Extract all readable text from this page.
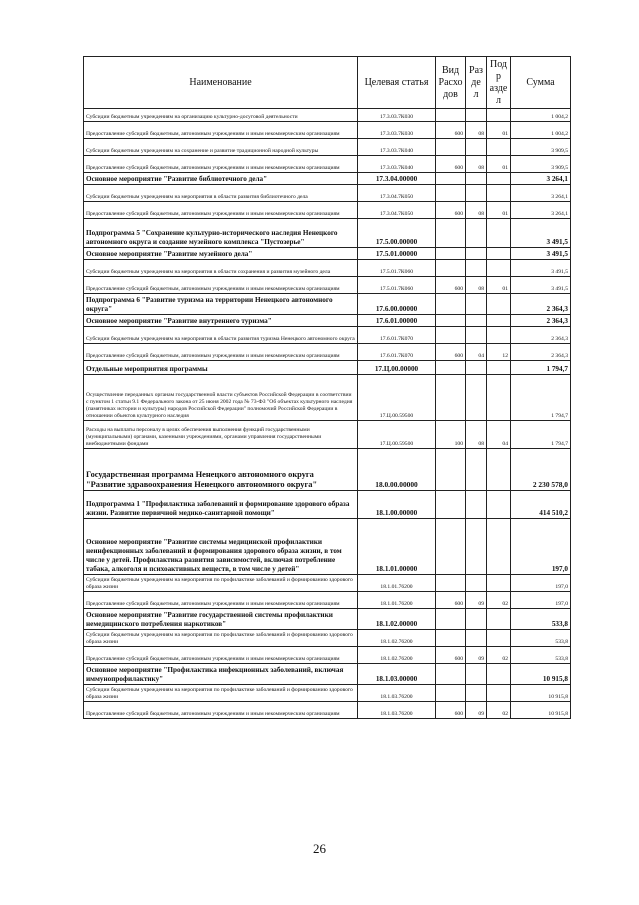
Наименование	Целевая статья	Вид Расхо дов	Разде л	Подр аздел	Сумма
Субсидии бюджетным учреждениям на организацию культурно-досуговой деятельности	17.3.03.7К030				1 004,2
Предоставление субсидий бюджетным, автономным учреждениям и иным некоммерческим организациям	17.3.03.7К030	600	08	01	1 004,2
Субсидии бюджетным учреждениям на сохранение и развитие традиционной народной культуры	17.3.03.7К040				3 909,5
Предоставление субсидий бюджетным, автономным учреждениям и иным некоммерческим организациям	17.3.03.7К040	600	08	01	3 909,5
Основное мероприятие "Развитие библиотечного дела"	17.3.04.00000				3 264,1
Субсидии бюджетным учреждениям на мероприятия в области развития библиотечного дела	17.3.04.7К050				3 264,1
Предоставление субсидий бюджетным, автономным учреждениям и иным некоммерческим организациям	17.3.04.7К050	600	08	01	3 264,1
Подпрограмма 5 "Сохранение культурно-исторического наследия Ненецкого автономного округа и создание музейного комплекса "Пустозерье"	17.5.00.00000				3 491,5
Основное мероприятие "Развитие музейного дела"	17.5.01.00000				3 491,5
Субсидии бюджетным учреждениям на мероприятия в области сохранения и развития музейного дела	17.5.01.7К060				3 491,5
Предоставление субсидий бюджетным, автономным учреждениям и иным некоммерческим организациям	17.5.01.7К060	600	08	01	3 491,5
Подпрограмма 6 "Развитие туризма на территории Ненецкого автономного округа"	17.6.00.00000				2 364,3
Основное мероприятие "Развитие внутреннего туризма"	17.6.01.00000				2 364,3
Субсидии бюджетным учреждениям на мероприятия в области развития туризма Ненецкого автономного округа	17.6.01.7К070				2 364,3
Предоставление субсидий бюджетным, автономным учреждениям и иным некоммерческим организациям	17.6.01.7К070	600	04	12	2 364,3
Отдельные мероприятия программы	17.Ц.00.00000				1 794,7
Осуществление переданных органам государственной власти субъектов Российской Федерации в соответствии с пунктом 1 статьи 9.1 Федерального закона от 25 июня 2002 года № 73-ФЗ "Об объектах культурного наследия (памятниках истории и культуры) народов Российской Федерации" полномочий Российской Федерации в отношении объектов культурного наследия	17.Ц.00.59500				1 794,7
Расходы на выплаты персоналу в целях обеспечения выполнения функций государственными (муниципальными) органами, казенными учреждениями, органами управления государственными внебюджетными фондами	17.Ц.00.59500	100	08	04	1 794,7
Государственная программа Ненецкого автономного округа "Развитие здравоохранения Ненецкого автономного округа"	18.0.00.00000				2 230 578,0
Подпрограмма 1 "Профилактика заболеваний и формирование здорового образа жизни. Развитие первичной медико-санитарной помощи"	18.1.00.00000				414 510,2
Основное мероприятие "Развитие системы медицинской профилактики неинфекционных заболеваний и формирования здорового образа жизни, в том числе у детей. Профилактика развития зависимостей, включая потребление табака, алкоголя и психоактивных веществ, в том числе у детей"	18.1.01.00000				197,0
Субсидии бюджетным учреждениям на мероприятия по профилактике заболеваний и формированию здорового образа жизни	18.1.01.76200				197,0
Предоставление субсидий бюджетным, автономным учреждениям и иным некоммерческим организациям	18.1.01.76200	600	09	02	197,0
Основное мероприятие "Развитие государственной системы профилактики немедицинского потребления наркотиков"	18.1.02.00000				533,8
Субсидии бюджетным учреждениям на мероприятия по профилактике заболеваний и формированию здорового образа жизни	18.1.02.76200				533,8
Предоставление субсидий бюджетным, автономным учреждениям и иным некоммерческим организациям	18.1.02.76200	600	09	02	533,8
Основное мероприятие "Профилактика инфекционных заболеваний, включая иммунопрофилактику"	18.1.03.00000				10 915,8
Субсидии бюджетным учреждениям на мероприятия по профилактике заболеваний и формированию здорового образа жизни	18.1.03.76200				10 915,8
Предоставление субсидий бюджетным, автономным учреждениям и иным некоммерческим организациям	18.1.03.76200	600	09	02	10 915,8
26
